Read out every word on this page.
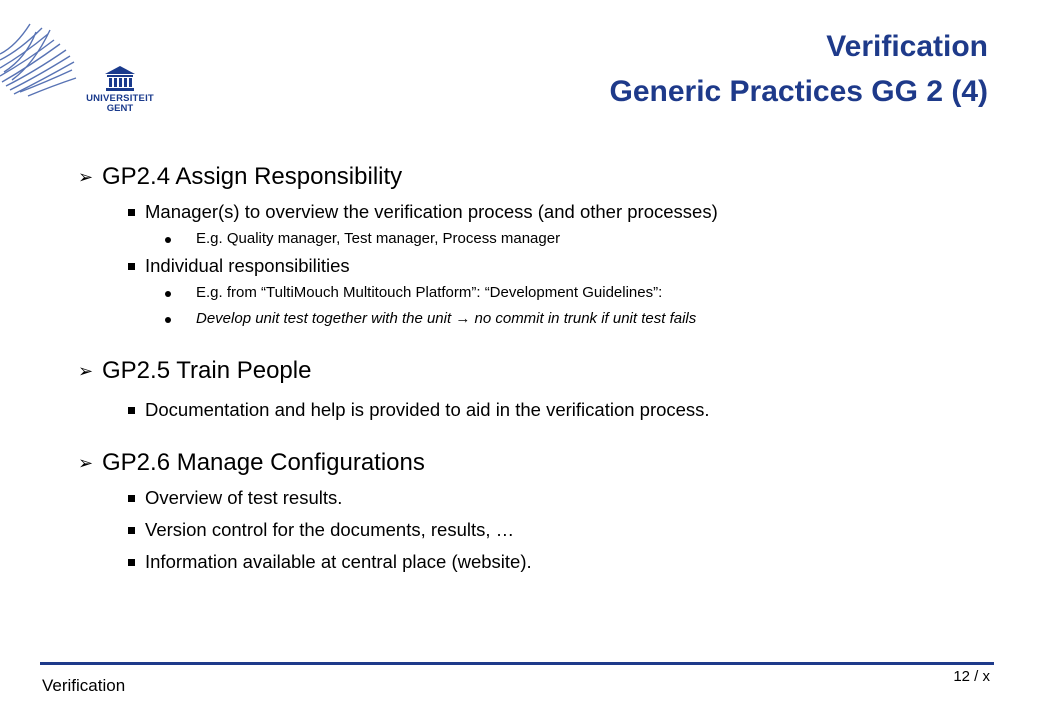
UNIVERSITEIT
GENT
Verification
Generic Practices GG 2 (4)
➢ GP2.4 Assign Responsibility
Manager(s) to overview the verification process (and other processes)
E.g. Quality manager, Test manager, Process manager
Individual responsibilities
E.g. from “TultiMouch Multitouch Platform”: “Development Guidelines”:
Develop unit test together with the unit → no commit in trunk if unit test fails
➢ GP2.5 Train People
Documentation and help is provided to aid in the verification process.
➢ GP2.6 Manage Configurations
Overview of test results.
Version control for the documents, results, …
Information available at central place (website).
Verification	12 / x
